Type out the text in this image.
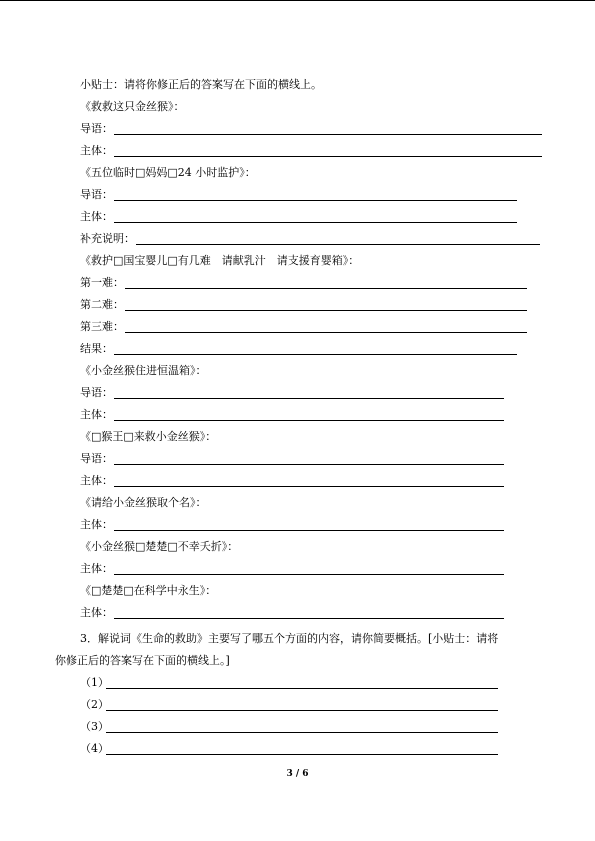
小贴士：请将你修正后的答案写在下面的横线上。
《救救这只金丝猴》：
导语：
主体：
《五位临时□妈妈□24 小时监护》：
导语：
主体：
补充说明：
《救护□国宝婴儿□有几难　请献乳汁　请支援育婴箱》：
第一难：
第二难：
第三难：
结果：
《小金丝猴住进恒温箱》：
导语：
主体：
《□猴王□来救小金丝猴》：
导语：
主体：
《请给小金丝猴取个名》：
主体：
《小金丝猴□楚楚□不幸夭折》：
主体：
《□楚楚□在科学中永生》：
主体：
3．解说词《生命的救助》主要写了哪五个方面的内容，请你简要概括。[小贴士：请将
你修正后的答案写在下面的横线上。]
（1）
（2）
（3）
（4）
3 / 6
